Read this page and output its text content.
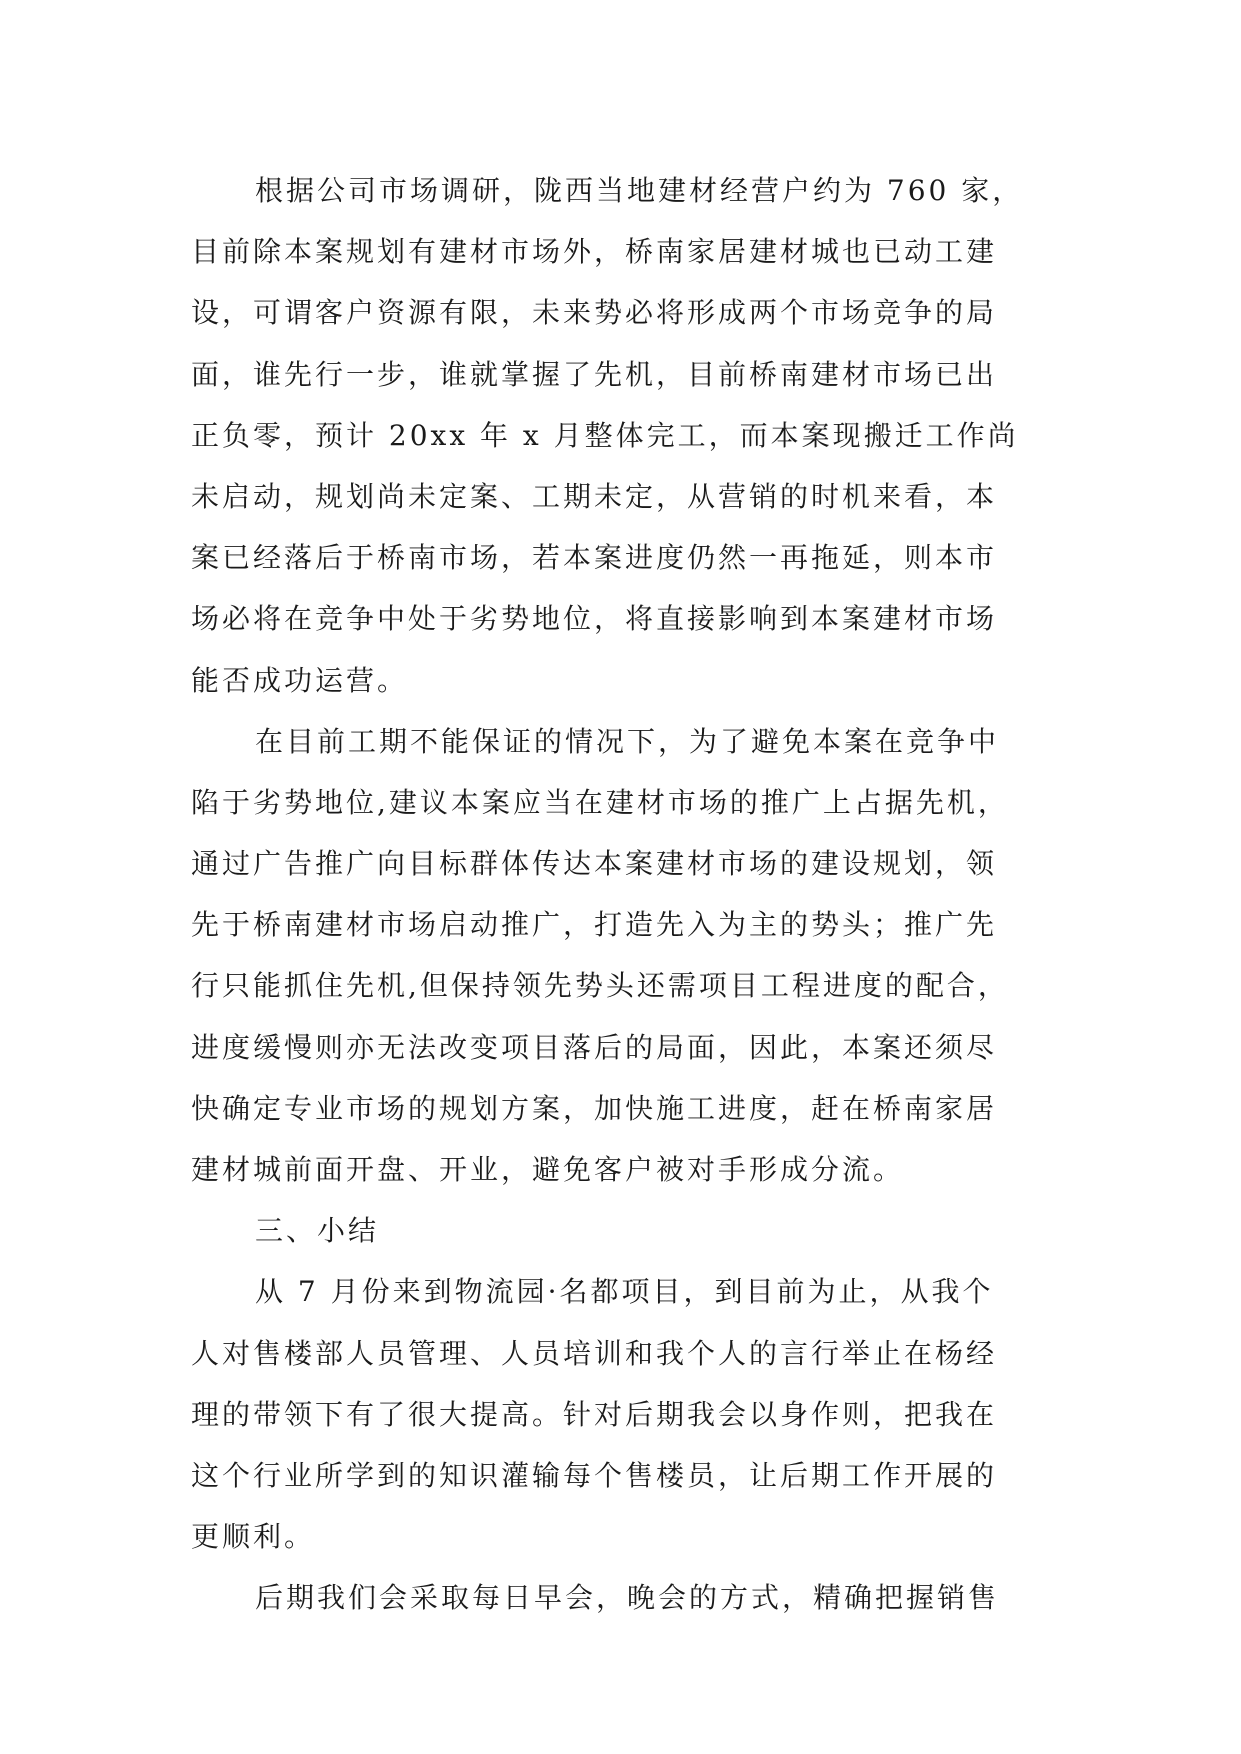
根据公司市场调研，陇西当地建材经营户约为 760 家，

目前除本案规划有建材市场外，桥南家居建材城也已动工建

设，可谓客户资源有限，未来势必将形成两个市场竞争的局

面，谁先行一步，谁就掌握了先机，目前桥南建材市场已出

正负零，预计 20xx 年 x 月整体完工，而本案现搬迁工作尚

未启动，规划尚未定案、工期未定，从营销的时机来看，本

案已经落后于桥南市场，若本案进度仍然一再拖延，则本市

场必将在竞争中处于劣势地位，将直接影响到本案建材市场

能否成功运营。

在目前工期不能保证的情况下，为了避免本案在竞争中

陷于劣势地位,建议本案应当在建材市场的推广上占据先机，

通过广告推广向目标群体传达本案建材市场的建设规划，领

先于桥南建材市场启动推广，打造先入为主的势头；推广先

行只能抓住先机,但保持领先势头还需项目工程进度的配合，

进度缓慢则亦无法改变项目落后的局面，因此，本案还须尽

快确定专业市场的规划方案，加快施工进度，赶在桥南家居

建材城前面开盘、开业，避免客户被对手形成分流。

三、小结

从 7 月份来到物流园·名都项目，到目前为止，从我个

人对售楼部人员管理、人员培训和我个人的言行举止在杨经

理的带领下有了很大提高。针对后期我会以身作则，把我在

这个行业所学到的知识灌输每个售楼员，让后期工作开展的

更顺利。

后期我们会采取每日早会，晚会的方式，精确把握销售
